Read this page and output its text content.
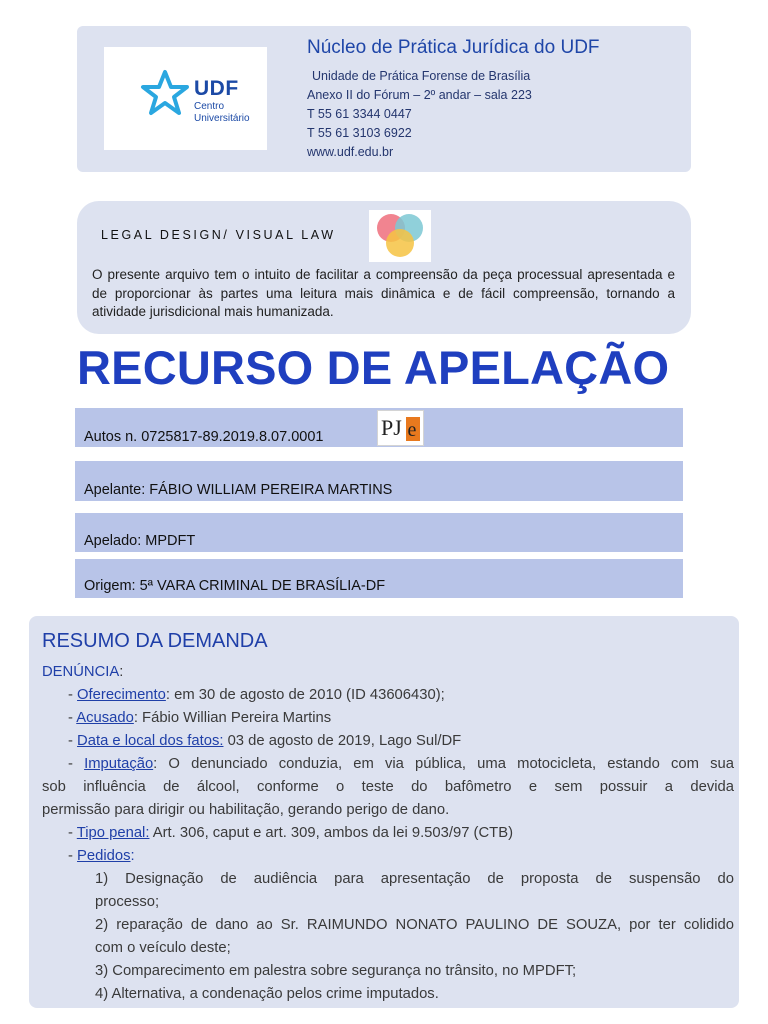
UDF
Centro
Universitário
Núcleo de Prática Jurídica do UDF
Unidade de Prática Forense de Brasília
Anexo II do Fórum – 2º andar – sala 223
T 55 61 3344 0447
T 55 61 3103 6922
www.udf.edu.br
LEGAL DESIGN/ VISUAL LAW
O presente arquivo tem o intuito de facilitar a compreensão da peça processual apresentada e de proporcionar às partes uma leitura mais dinâmica e de fácil compreensão, tornando a atividade jurisdicional mais humanizada.
RECURSO DE APELAÇÃO
Autos n. 0725817-89.2019.8.07.0001	PJ e
Apelante: FÁBIO WILLIAM PEREIRA MARTINS
Apelado: MPDFT
Origem: 5ª VARA CRIMINAL DE BRASÍLIA-DF
RESUMO DA DEMANDA
DENÚNCIA:
- Oferecimento: em 30 de agosto de 2010 (ID 43606430);
- Acusado: Fábio Willian Pereira Martins
- Data e local dos fatos: 03 de agosto de 2019, Lago Sul/DF
- Imputação: O denunciado conduzia, em via pública, uma motocicleta, estando com sua
sob influência de álcool, conforme o teste do bafômetro e sem possuir a devida
permissão para dirigir ou habilitação, gerando perigo de dano.
- Tipo penal: Art. 306, caput e art. 309, ambos da lei 9.503/97 (CTB)
- Pedidos:
1) Designação de audiência para apresentação de proposta de suspensão do
processo;
2) reparação de dano ao Sr. RAIMUNDO NONATO PAULINO DE SOUZA, por ter colidido
com o veículo deste;
3) Comparecimento em palestra sobre segurança no trânsito, no MPDFT;
4) Alternativa, a condenação pelos crime imputados.
